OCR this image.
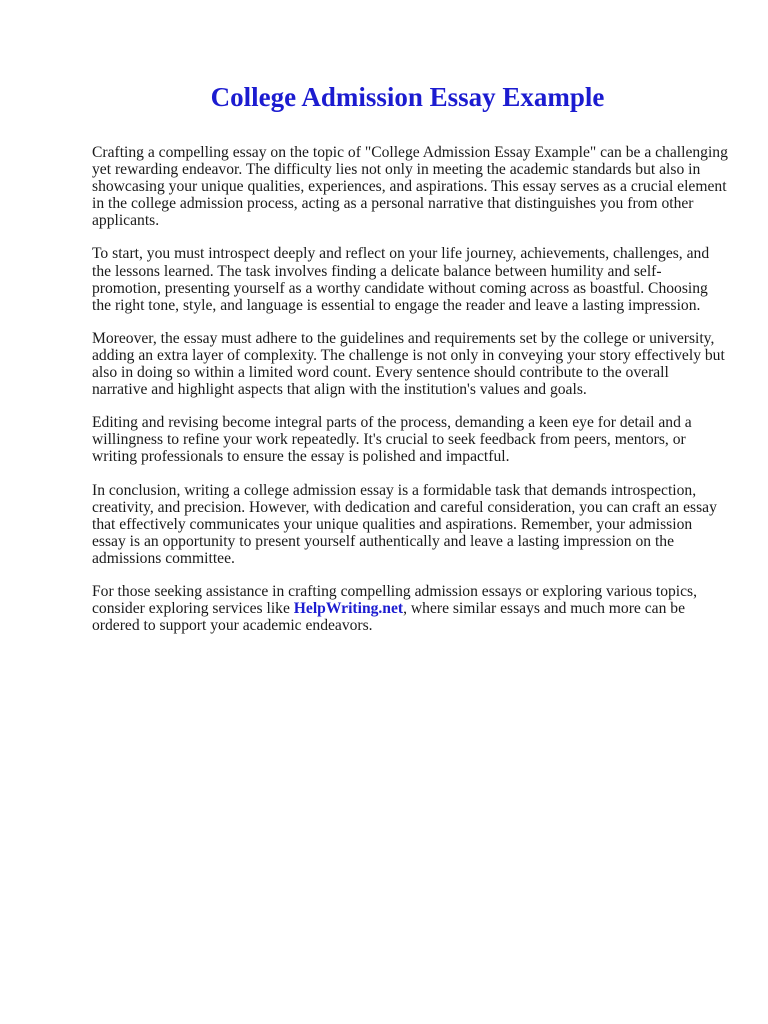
College Admission Essay Example

Crafting a compelling essay on the topic of "College Admission Essay Example" can be a challenging yet rewarding endeavor. The difficulty lies not only in meeting the academic standards but also in showcasing your unique qualities, experiences, and aspirations. This essay serves as a crucial element in the college admission process, acting as a personal narrative that distinguishes you from other applicants.

To start, you must introspect deeply and reflect on your life journey, achievements, challenges, and the lessons learned. The task involves finding a delicate balance between humility and self-promotion, presenting yourself as a worthy candidate without coming across as boastful. Choosing the right tone, style, and language is essential to engage the reader and leave a lasting impression.

Moreover, the essay must adhere to the guidelines and requirements set by the college or university, adding an extra layer of complexity. The challenge is not only in conveying your story effectively but also in doing so within a limited word count. Every sentence should contribute to the overall narrative and highlight aspects that align with the institution's values and goals.

Editing and revising become integral parts of the process, demanding a keen eye for detail and a willingness to refine your work repeatedly. It's crucial to seek feedback from peers, mentors, or writing professionals to ensure the essay is polished and impactful.

In conclusion, writing a college admission essay is a formidable task that demands introspection, creativity, and precision. However, with dedication and careful consideration, you can craft an essay that effectively communicates your unique qualities and aspirations. Remember, your admission essay is an opportunity to present yourself authentically and leave a lasting impression on the admissions committee.

For those seeking assistance in crafting compelling admission essays or exploring various topics, consider exploring services like HelpWriting.net, where similar essays and much more can be ordered to support your academic endeavors.
